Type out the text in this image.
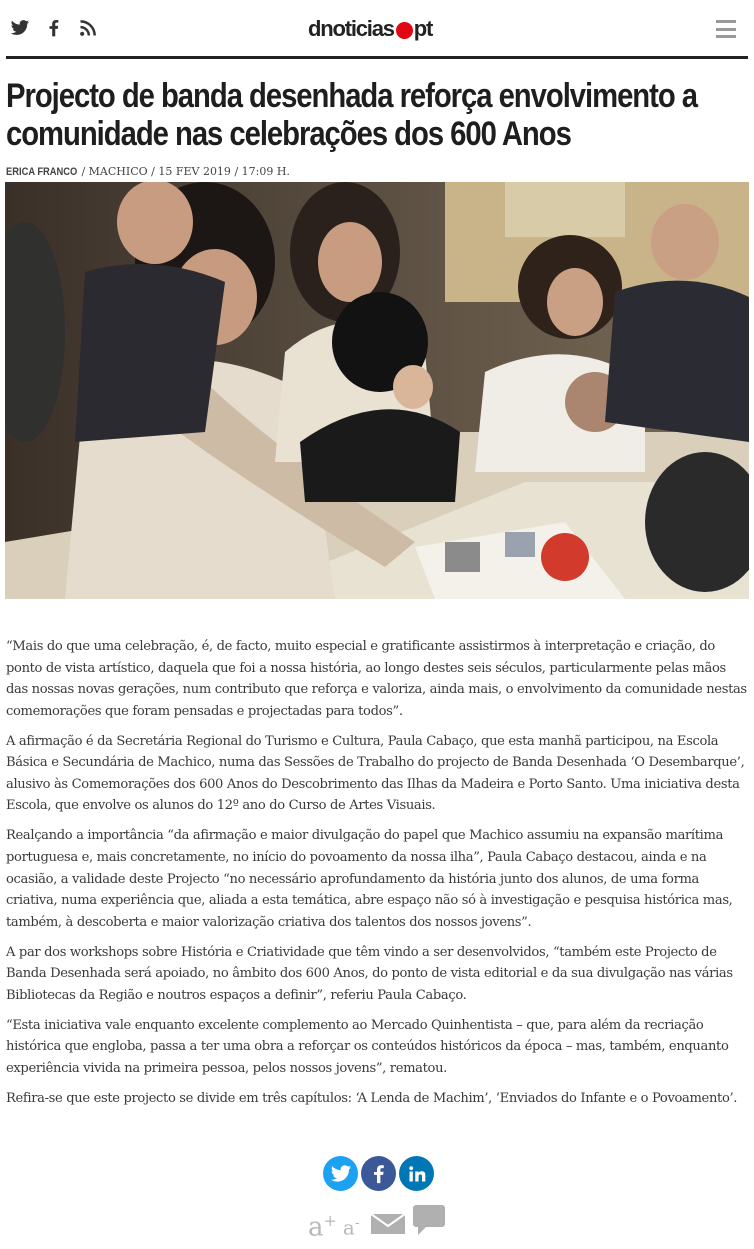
dnoticias pt
Projecto de banda desenhada reforça envolvimento a
comunidade nas celebrações dos 600 Anos
ERICA FRANCO / MACHICO / 15 FEV 2019 / 17:09 H.

“Mais do que uma celebração, é, de facto, muito especial e gratificante assistirmos à interpretação e criação, do ponto de vista artístico, daquela que foi a nossa história, ao longo destes seis séculos, particularmente pelas mãos das nossas novas gerações, num contributo que reforça e valoriza, ainda mais, o envolvimento da comunidade nestas comemorações que foram pensadas e projectadas para todos”.

A afirmação é da Secretária Regional do Turismo e Cultura, Paula Cabaço, que esta manhã participou, na Escola Básica e Secundária de Machico, numa das Sessões de Trabalho do projecto de Banda Desenhada ‘O Desembarque’, alusivo às Comemorações dos 600 Anos do Descobrimento das Ilhas da Madeira e Porto Santo. Uma iniciativa desta Escola, que envolve os alunos do 12º ano do Curso de Artes Visuais.

Realçando a importância “da afirmação e maior divulgação do papel que Machico assumiu na expansão marítima portuguesa e, mais concretamente, no início do povoamento da nossa ilha”, Paula Cabaço destacou, ainda e na ocasião, a validade deste Projecto “no necessário aprofundamento da história junto dos alunos, de uma forma criativa, numa experiência que, aliada a esta temática, abre espaço não só à investigação e pesquisa histórica mas, também, à descoberta e maior valorização criativa dos talentos dos nossos jovens”.

A par dos workshops sobre História e Criatividade que têm vindo a ser desenvolvidos, “também este Projecto de Banda Desenhada será apoiado, no âmbito dos 600 Anos, do ponto de vista editorial e da sua divulgação nas várias Bibliotecas da Região e noutros espaços a definir”, referiu Paula Cabaço.

“Esta iniciativa vale enquanto excelente complemento ao Mercado Quinhentista – que, para além da recriação histórica que engloba, passa a ter uma obra a reforçar os conteúdos históricos da época – mas, também, enquanto experiência vivida na primeira pessoa, pelos nossos jovens”, rematou.

Refira-se que este projecto se divide em três capítulos: ‘A Lenda de Machim’, ‘Enviados do Infante e o Povoamento’.

a+ a-
